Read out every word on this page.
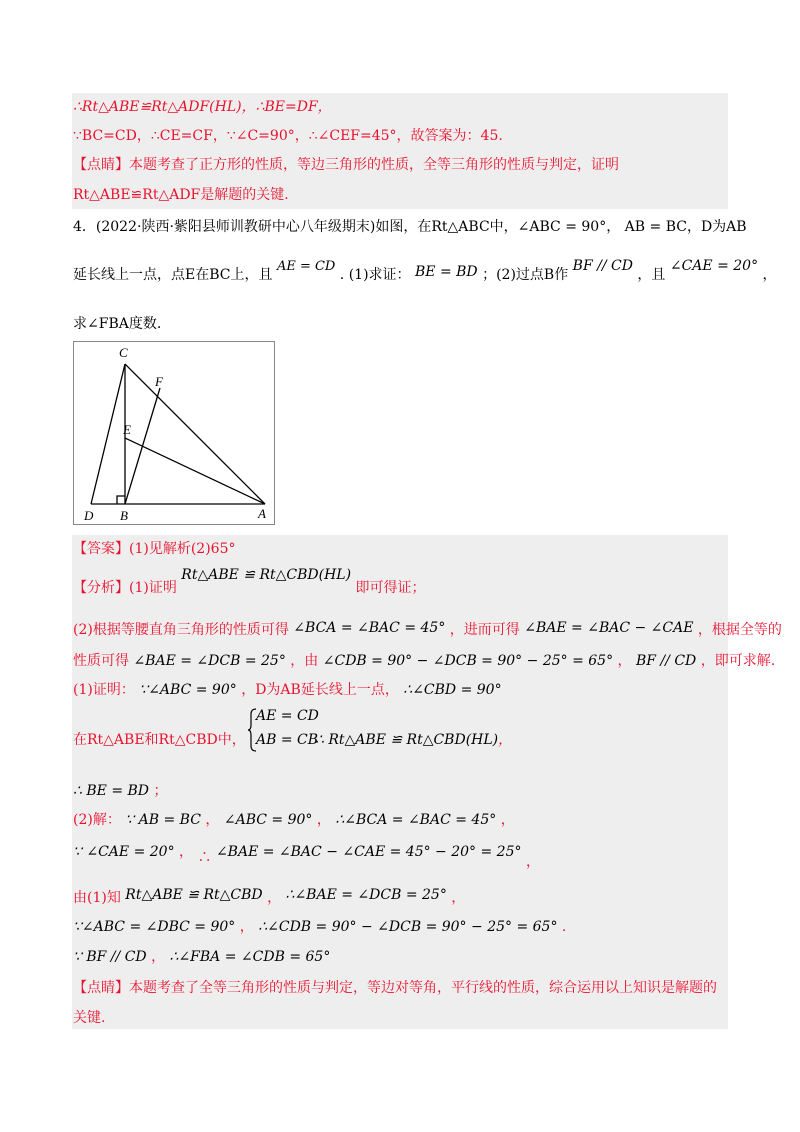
∴Rt△ABE≌Rt△ADF(HL)，∴BE=DF，
∵BC=CD，∴CE=CF，∵∠C=90°，∴∠CEF=45°，故答案为：45.
【点睛】本题考查了正方形的性质，等边三角形的性质，全等三角形的性质与判定，证明
Rt△ABE≌Rt△ADF是解题的关键.
4．(2022·陕西·紫阳县师训教研中心八年级期末)如图，在Rt△ABC中，∠ABC = 90°， AB = BC，D为AB
延长线上一点，点E在BC上，且 AE = CD . (1)求证： BE = BD ；(2)过点B作 BF // CD ，且 ∠CAE = 20° ，
求∠FBA度数.
C
F
E
D B	A
【答案】(1)见解析(2)65°
【分析】(1)证明 Rt△ABE ≌ Rt△CBD(HL) 即可得证；
(2)根据等腰直角三角形的性质可得 ∠BCA = ∠BAC = 45° ，进而可得 ∠BAE = ∠BAC − ∠CAE ，根据全等的
性质可得 ∠BAE = ∠DCB = 25° ，由 ∠CDB = 90° − ∠DCB = 90° − 25° = 65° ， BF // CD ，即可求解.
(1)证明： ∵∠ABC = 90° ，D为AB延长线上一点， ∴∠CBD = 90°
AE = CD
AB = CB
在Rt△ABE和Rt△CBD中，	∴ Rt△ABE ≌ Rt△CBD(HL)，
∴ BE = BD ；
(2)解： ∵ AB = BC ， ∠ABC = 90° ， ∴∠BCA = ∠BAC = 45° ，
∵ ∠CAE = 20° ， ∴ ∠BAE = ∠BAC − ∠CAE = 45° − 20° = 25° ，
由(1)知 Rt△ABE ≌ Rt△CBD ， ∴∠BAE = ∠DCB = 25° ，
∵∠ABC = ∠DBC = 90° ， ∴∠CDB = 90° − ∠DCB = 90° − 25° = 65° .
∵ BF // CD ， ∴∠FBA = ∠CDB = 65°
【点睛】本题考查了全等三角形的性质与判定，等边对等角，平行线的性质，综合运用以上知识是解题的
关键.
